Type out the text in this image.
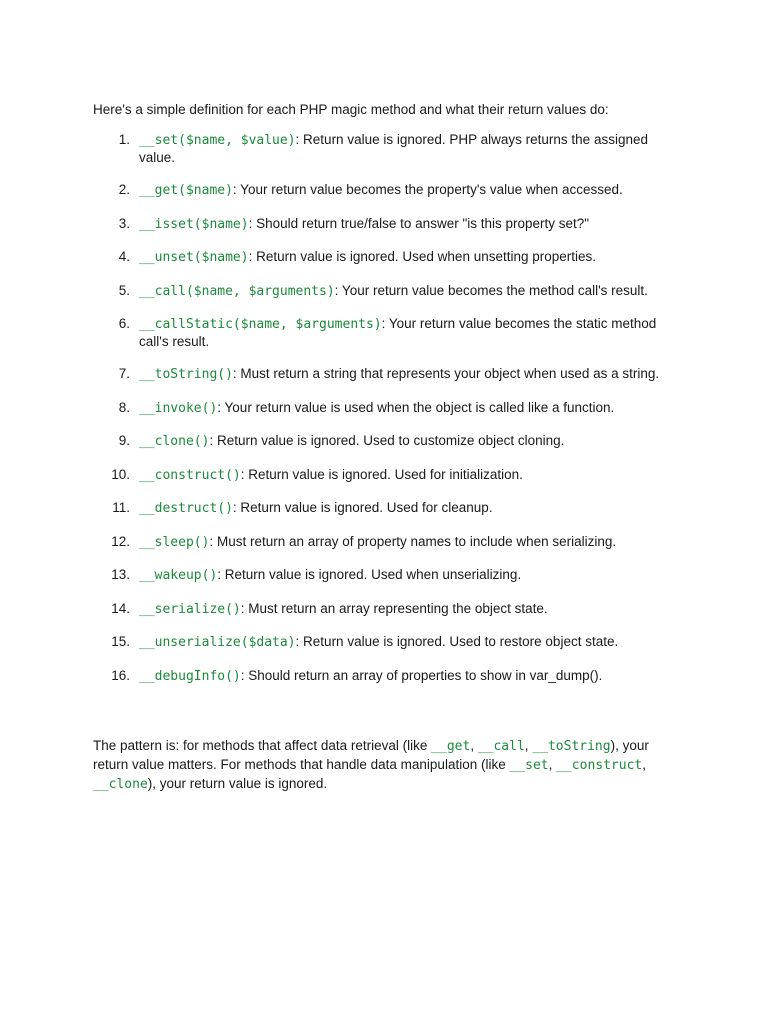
Here's a simple definition for each PHP magic method and what their return values do:

1. __set($name, $value): Return value is ignored. PHP always returns the assigned value.
2. __get($name): Your return value becomes the property's value when accessed.
3. __isset($name): Should return true/false to answer "is this property set?"
4. __unset($name): Return value is ignored. Used when unsetting properties.
5. __call($name, $arguments): Your return value becomes the method call's result.
6. __callStatic($name, $arguments): Your return value becomes the static method call's result.
7. __toString(): Must return a string that represents your object when used as a string.
8. __invoke(): Your return value is used when the object is called like a function.
9. __clone(): Return value is ignored. Used to customize object cloning.
10. __construct(): Return value is ignored. Used for initialization.
11. __destruct(): Return value is ignored. Used for cleanup.
12. __sleep(): Must return an array of property names to include when serializing.
13. __wakeup(): Return value is ignored. Used when unserializing.
14. __serialize(): Must return an array representing the object state.
15. __unserialize($data): Return value is ignored. Used to restore object state.
16. __debugInfo(): Should return an array of properties to show in var_dump().

The pattern is: for methods that affect data retrieval (like __get, __call, __toString), your return value matters. For methods that handle data manipulation (like __set, __construct, __clone), your return value is ignored.
